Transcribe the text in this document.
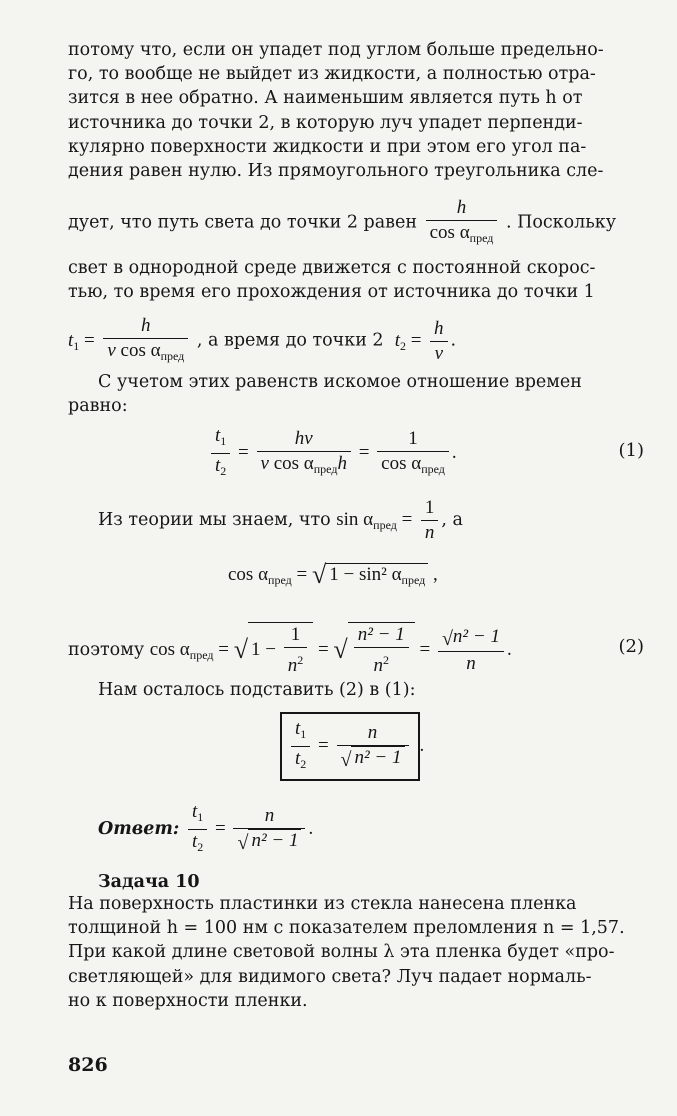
потому что, если он упадет под углом больше предельно-
го, то вообще не выйдет из жидкости, а полностью отра-
зится в нее обратно. А наименьшим является путь h от
источника до точки 2, в которую луч упадет перпенди-
кулярно поверхности жидкости и при этом его угол па-
дения равен нулю. Из прямоугольного треугольника сле-
дует, что путь света до точки 2 равен $\frac{h}{\cos \alpha_{пред}}$ . Поскольку
свет в однородной среде движется с постоянной скорос-
тью, то время его прохождения от источника до точки 1
$t_1 = \frac{h}{v \cos \alpha_{пред}}$ , а время до точки 2 $t_2 = \frac{h}{v}$ .
С учетом этих равенств искомое отношение времен
равно:
$\frac{t_1}{t_2} = \frac{hv}{v \cos \alpha_{пред}h} = \frac{1}{\cos \alpha_{пред}}$ .	(1)
Из теории мы знаем, что $\sin \alpha_{пред} = \frac{1}{n}$ , а
$\cos \alpha_{пред}$ = √ 1 − sin² $\alpha_{пред}$ ,
поэтому $\cos \alpha_{пред}$ = √ $1 - \frac{1}{n^2}$ = √ $\frac{\text{n² − 1}}{n^2} = \frac{\text{√n² − 1}}{n}$ .	(2)
Нам осталось подставить (2) в (1):
$\frac{t_1}{t_2} = \frac{n}{\text{√ n² − 1}}$ .
Ответ: $\frac{t_1}{t_2} = \frac{n}{\text{√ n² − 1}}$ .
Задача 10
На поверхность пластинки из стекла нанесена пленка
толщиной h = 100 нм с показателем преломления n = 1,57.
При какой длине световой волны λ эта пленка будет «про-
светляющей» для видимого света? Луч падает нормаль-
но к поверхности пленки.
826
